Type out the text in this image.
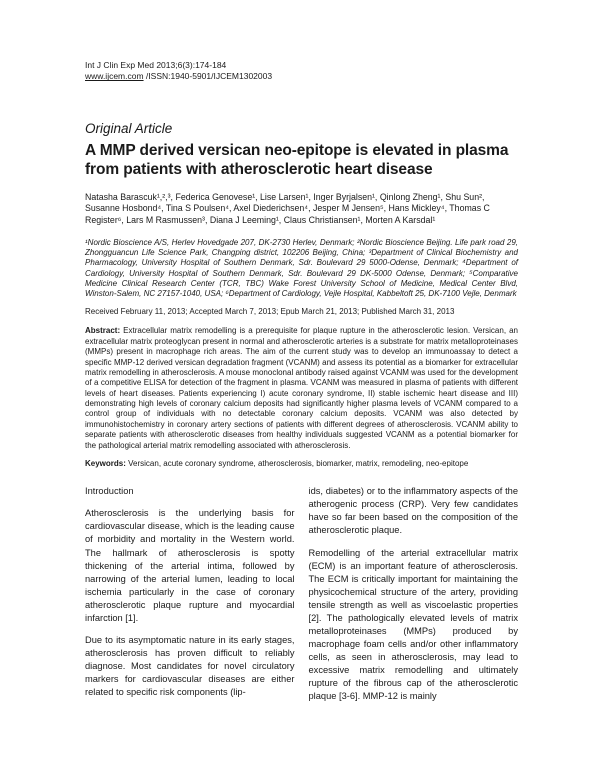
Int J Clin Exp Med 2013;6(3):174-184
www.ijcem.com /ISSN:1940-5901/IJCEM1302003
Original Article
A MMP derived versican neo-epitope is elevated in plasma from patients with atherosclerotic heart disease
Natasha Barascuk¹,²,³, Federica Genovese¹, Lise Larsen¹, Inger Byrjalsen¹, Qinlong Zheng¹, Shu Sun², Susanne Hosbond⁴, Tina S Poulsen⁴, Axel Diederichsen⁴, Jesper M Jensen⁵, Hans Mickley⁴, Thomas C Register⁶, Lars M Rasmussen³, Diana J Leeming¹, Claus Christiansen¹, Morten A Karsdal¹
¹Nordic Bioscience A/S, Herlev Hovedgade 207, DK-2730 Herlev, Denmark; ²Nordic Bioscience Beijing. Life park road 29, Zhongguancun Life Science Park, Changping district, 102206 Beijing, China; ³Department of Clinical Biochemistry and Pharmacology, University Hospital of Southern Denmark, Sdr. Boulevard 29 5000-Odense, Denmark; ⁴Department of Cardiology, University Hospital of Southern Denmark, Sdr. Boulevard 29 DK-5000 Odense, Denmark; ⁵Comparative Medicine Clinical Research Center (TCR, TBC) Wake Forest University School of Medicine, Medical Center Blvd, Winston-Salem, NC 27157-1040, USA; ⁶Department of Cardiology, Vejle Hospital, Kabbeltoft 25, DK-7100 Vejle, Denmark
Received February 11, 2013; Accepted March 7, 2013; Epub March 21, 2013; Published March 31, 2013

Abstract: Extracellular matrix remodelling is a prerequisite for plaque rupture in the atherosclerotic lesion. Versican, an extracellular matrix proteoglycan present in normal and atherosclerotic arteries is a substrate for matrix metalloproteinases (MMPs) present in macrophage rich areas. The aim of the current study was to develop an immunoassay to detect a specific MMP-12 derived versican degradation fragment (VCANM) and assess its potential as a biomarker for extracellular matrix remodelling in atherosclerosis. A mouse monoclonal antibody raised against VCANM was used for the development of a competitive ELISA for detection of the fragment in plasma. VCANM was measured in plasma of patients with different levels of heart diseases. Patients experiencing I) acute coronary syndrome, II) stable ischemic heart disease and III) demonstrating high levels of coronary calcium deposits had significantly higher plasma levels of VCANM compared to a control group of individuals with no detectable coronary calcium deposits. VCANM was also detected by immunohistochemistry in coronary artery sections of patients with different degrees of atherosclerosis. VCANM ability to separate patients with atherosclerotic diseases from healthy individuals suggested VCANM as a potential biomarker for the pathological arterial matrix remodelling associated with atherosclerosis.

Keywords: Versican, acute coronary syndrome, atherosclerosis, biomarker, matrix, remodeling, neo-epitope

Introduction

Atherosclerosis is the underlying basis for cardiovascular disease, which is the leading cause of morbidity and mortality in the Western world. The hallmark of atherosclerosis is spotty thickening of the arterial intima, followed by narrowing of the arterial lumen, leading to local ischemia particularly in the case of coronary atherosclerotic plaque rupture and myocardial infarction [1].

Due to its asymptomatic nature in its early stages, atherosclerosis has proven difficult to reliably diagnose. Most candidates for novel circulatory markers for cardiovascular diseases are either related to specific risk components (lip-

ids, diabetes) or to the inflammatory aspects of the atherogenic process (CRP). Very few candidates have so far been based on the composition of the atherosclerotic plaque.

Remodelling of the arterial extracellular matrix (ECM) is an important feature of atherosclerosis. The ECM is critically important for maintaining the physicochemical structure of the artery, providing tensile strength as well as viscoelastic properties [2]. The pathologically elevated levels of matrix metalloproteinases (MMPs) produced by macrophage foam cells and/or other inflammatory cells, as seen in atherosclerosis, may lead to excessive matrix remodelling and ultimately rupture of the fibrous cap of the atherosclerotic plaque [3-6]. MMP-12 is mainly
